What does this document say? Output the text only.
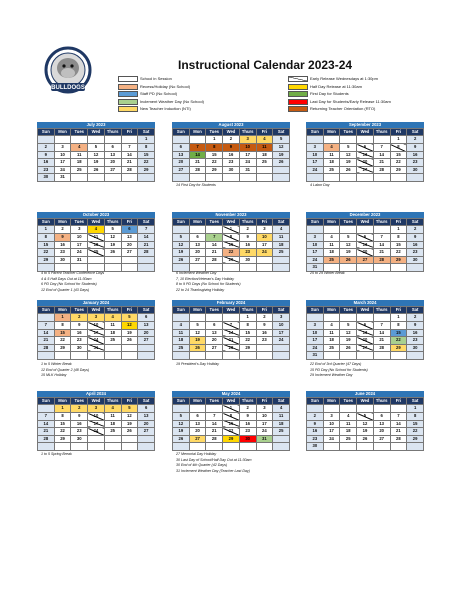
BULLDOGS
Instructional Calendar 2023-24
School in Session
Recess/Holiday (No School)
Staff PD (No School)
Inclement Weather Day (No School)
New Teacher Induction (NTI)
Early Release Wednesdays at 1:30pm
Half Day Release at 11:30am
First Day for Students
Last Day for Students/Early Release 11:30am
Returning Teacher Orientation (RTO)
July 2023
Sun	Mon	Tues	Wed	Thurs	Fri	Sat
						1
2	3	4	5	6	7	8
9	10	11	12	13	14	15
16	17	18	19	20	21	22
23	24	25	26	27	28	29
30	31					
August 2023
Sun	Mon	Tues	Wed	Thurs	Fri	Sat
		1	2	3	4	5
6	7	8	9	10	11	12
13	14	15	16	17	18	19
20	21	22	23	24	25	26
27	28	29	30	31		

September 2023
Sun	Mon	Tues	Wed	Thurs	Fri	Sat
					1	2
3	4	5	6	7	8	9
10	11	12	13	14	15	16
17	18	19	20	21	22	23
24	25	26	27	28	29	30

October 2023
Sun	Mon	Tues	Wed	Thurs	Fri	Sat
1	2	3	4	5	6	7
8	9	10	11	12	13	14
15	16	17	18	19	20	21
22	23	24	25	26	27	28
29	30	31				

November 2023
Sun	Mon	Tues	Wed	Thurs	Fri	Sat
			1	2	3	4
5	6	7	8	9	10	11
12	13	14	15	16	17	18
19	20	21	22	23	24	25
26	27	28	29	30		

December 2023
Sun	Mon	Tues	Wed	Thurs	Fri	Sat
					1	2
3	4	5	6	7	8	9
10	11	12	13	14	15	16
17	18	19	20	21	22	23
24	25	26	27	28	29	30
31						
January 2024
Sun	Mon	Tues	Wed	Thurs	Fri	Sat
	1	2	3	4	5	6
7	8	9	10	11	12	13
14	15	16	17	18	19	20
21	22	23	24	25	26	27
28	29	30	31			

February 2024
Sun	Mon	Tues	Wed	Thurs	Fri	Sat
				1	2	3
4	5	6	7	8	9	10
11	12	13	14	15	16	17
18	19	20	21	22	23	24
25	26	27	28	29		

March 2024
Sun	Mon	Tues	Wed	Thurs	Fri	Sat
					1	2
3	4	5	6	7	8	9
10	11	12	13	14	15	16
17	18	19	20	21	22	23
24	25	26	27	28	29	30
31						
April 2024
Sun	Mon	Tues	Wed	Thurs	Fri	Sat
	1	2	3	4	5	6
7	8	9	10	11	12	13
14	15	16	17	18	19	20
21	22	23	24	25	26	27
28	29	30				

May 2024
Sun	Mon	Tues	Wed	Thurs	Fri	Sat
			1	2	3	4
5	6	7	8	9	10	11
12	13	14	15	16	17	18
19	20	21	22	23	24	25
26	27	28	29	30	31	

June 2024
Sun	Mon	Tues	Wed	Thurs	Fri	Sat
						1
2	3	4	5	6	7	8
9	10	11	12	13	14	15
16	17	18	19	20	21	22
23	24	25	26	27	28	29
30						
14 First Day for Students	4 Labor Day
4 to 5 Parent Teacher Conference Days	6 Inclement Weather Day	25 to 29 Winter Break
4 & 5 Half Days Out at 11:30am	7, 10 Election/Veteran's Day Holiday
6 PD Day (No School for Students)	8 to 9 PD Days (No School for Students)
12 End of Quarter 1 (43 Days)	22 to 24 Thanksgiving Holiday
1 to 5 Winter Break	19 President's Day Holiday	22 End of 3rd Quarter (47 Days)
12 End of Quarter 2 (48 Days)	15 PD Day (No School for Students)
15 MLK Holiday	29 Inclement Weather Day
1 to 5 Spring Break	27 Memorial Day Holiday
30 Last Day of School/Half Day Out at 11:30am
30 End of 4th Quarter (42 Days)
31 Inclement Weather Day (Teacher Last Day)
